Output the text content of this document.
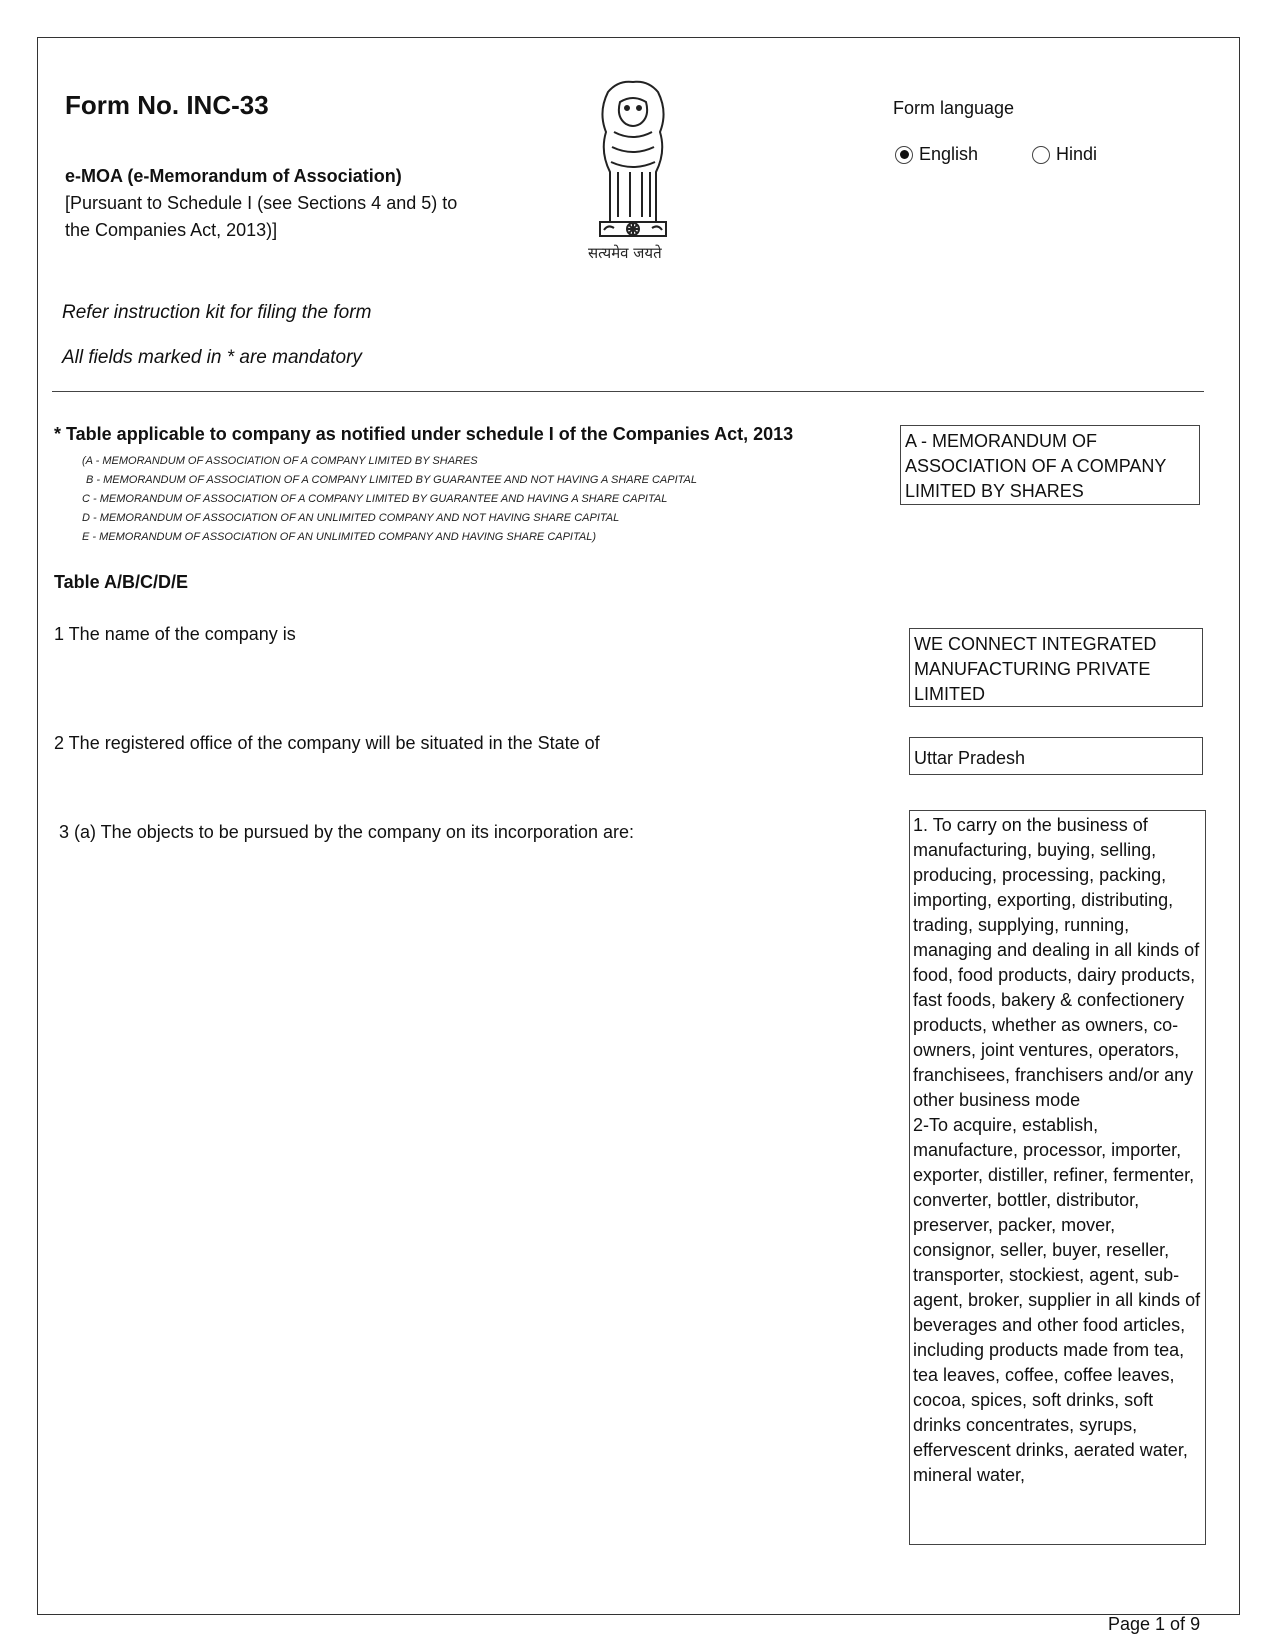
Form No. INC-33
e-MOA (e-Memorandum of Association)
[Pursuant to Schedule I (see Sections 4 and 5) to
the Companies Act, 2013)]
सत्यमेव जयते
Form language
English	Hindi
Refer instruction kit for filing the form
All fields marked in * are mandatory
* Table applicable to company as notified under schedule I of the Companies Act, 2013
(A - MEMORANDUM OF ASSOCIATION OF A COMPANY LIMITED BY SHARES
B - MEMORANDUM OF ASSOCIATION OF A COMPANY LIMITED BY GUARANTEE AND NOT HAVING A SHARE CAPITAL
C - MEMORANDUM OF ASSOCIATION OF A COMPANY LIMITED BY GUARANTEE AND HAVING A SHARE CAPITAL
D - MEMORANDUM OF ASSOCIATION OF AN UNLIMITED COMPANY AND NOT HAVING SHARE CAPITAL
E - MEMORANDUM OF ASSOCIATION OF AN UNLIMITED COMPANY AND HAVING SHARE CAPITAL)
A - MEMORANDUM OF ASSOCIATION OF A COMPANY LIMITED BY SHARES
Table A/B/C/D/E
1 The name of the company is	WE CONNECT INTEGRATED MANUFACTURING PRIVATE LIMITED
2 The registered office of the company will be situated in the State of
Uttar Pradesh
3 (a) The objects to be pursued by the company on its incorporation are:	1. To carry on the business of manufacturing, buying, selling, producing, processing, packing, importing, exporting, distributing, trading, supplying, running, managing and dealing in all kinds of food, food products, dairy products, fast foods, bakery & confectionery products, whether as owners, co-owners, joint ventures, operators, franchisees, franchisers and/or any other business mode
2-To acquire, establish, manufacture, processor, importer, exporter, distiller, refiner, fermenter, converter, bottler, distributor, preserver, packer, mover, consignor, seller, buyer, reseller, transporter, stockiest, agent, sub-agent, broker, supplier in all kinds of beverages and other food articles, including products made from tea, tea leaves, coffee, coffee leaves, cocoa, spices, soft drinks, soft drinks concentrates, syrups, effervescent drinks, aerated water, mineral water,
Page 1 of 9
